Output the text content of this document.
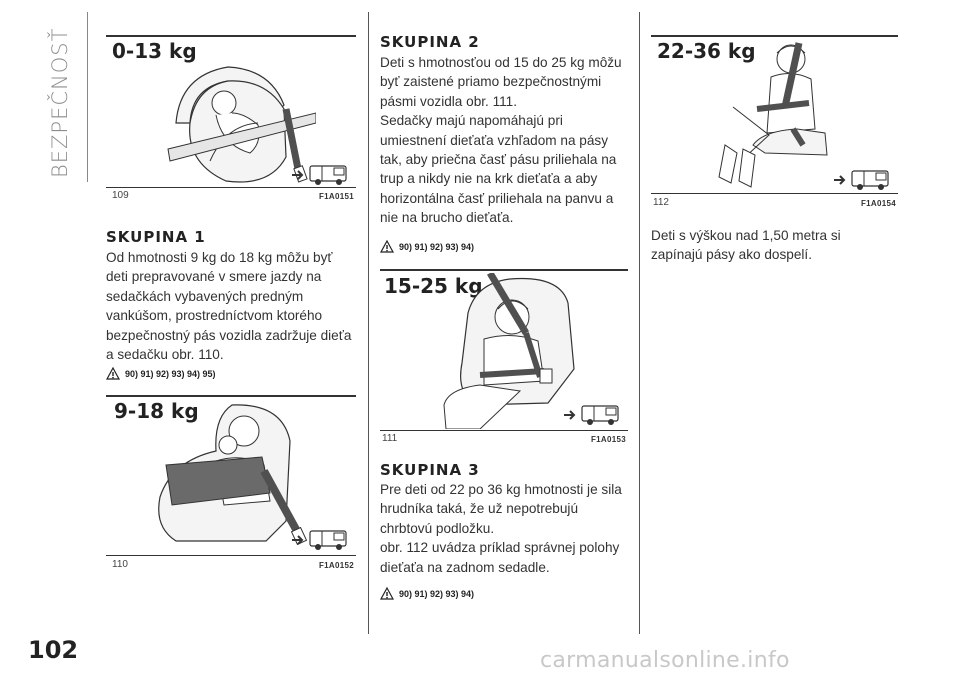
BEZPEČNOSŤ 0-13 kg
109	F1A0151
SKUPINA 1

Od hmotnosti 9 kg do 18 kg môžu byť deti prepravované v smere jazdy na sedačkách vybavených predným vankúšom, prostredníctvom ktorého bezpečnostný pás vozidla zadržuje dieťa a sedačku obr. 110.

90) 91) 92) 93) 94) 95)
9-18 kg
110	F1A0152
SKUPINA 2

Deti s hmotnosťou od 15 do 25 kg môžu byť zaistené priamo bezpečnostnými pásmi vozidla obr. 111.

Sedačky majú napomáhajú pri umiestnení dieťaťa vzhľadom na pásy tak, aby priečna časť pásu priliehala na trup a nikdy nie na krk dieťaťa a aby horizontálna časť priliehala na panvu a nie na brucho dieťaťa.

90) 91) 92) 93) 94)
15-25 kg
111	F1A0153
SKUPINA 3

Pre deti od 22 po 36 kg hmotnosti je sila hrudníka taká, že už nepotrebujú chrbtovú podložku.

obr. 112 uvádza príklad správnej polohy dieťaťa na zadnom sedadle.

90) 91) 92) 93) 94)
22-36 kg
112	F1A0154

Deti s výškou nad 1,50 metra si zapínajú pásy ako dospelí.

102	carmanualsonline.info
